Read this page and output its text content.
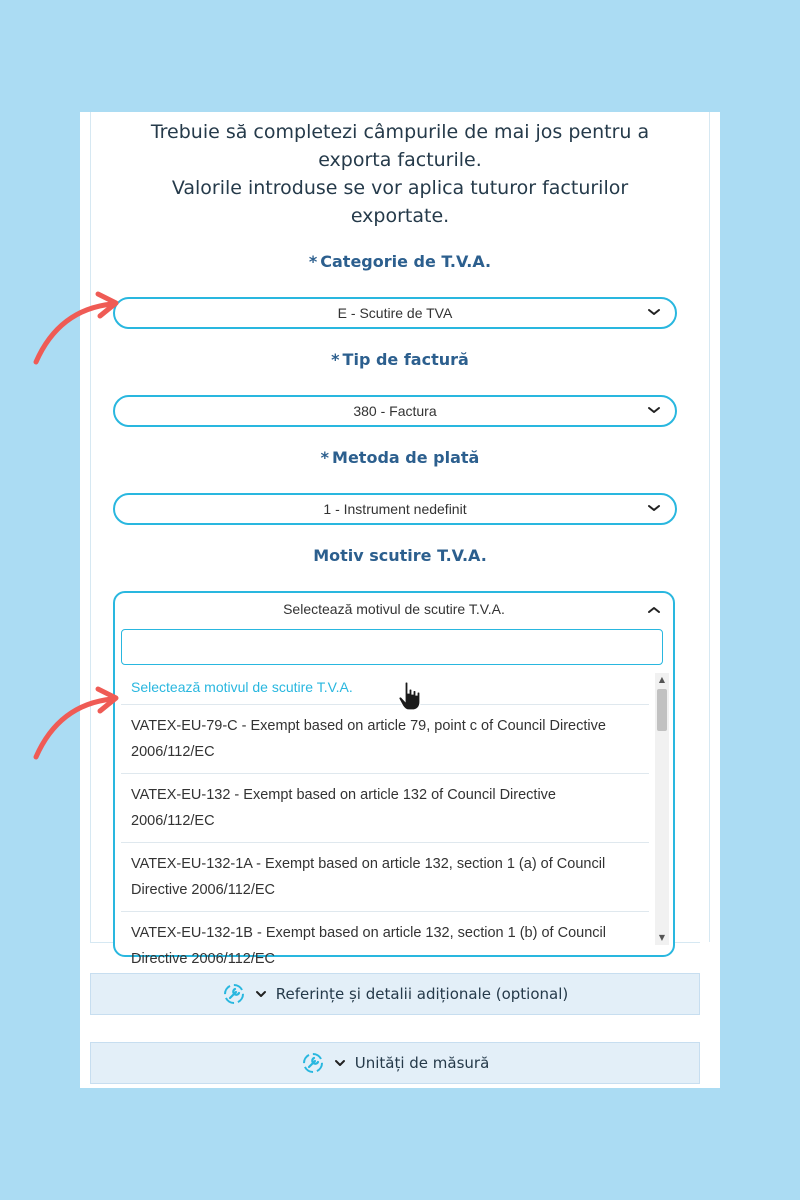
Trebuie să completezi câmpurile de mai jos pentru a exporta facturile.
Valorile introduse se vor aplica tuturor facturilor exportate.
* Categorie de T.V.A.
E - Scutire de TVA
* Tip de factură
380 - Factura
* Metoda de plată
1 - Instrument nedefinit
Motiv scutire T.V.A.
Selectează motivul de scutire T.V.A.
Selectează motivul de scutire T.V.A.
VATEX-EU-79-C - Exempt based on article 79, point c of Council Directive 2006/112/EC
VATEX-EU-132 - Exempt based on article 132 of Council Directive 2006/112/EC
VATEX-EU-132-1A - Exempt based on article 132, section 1 (a) of Council Directive 2006/112/EC
VATEX-EU-132-1B - Exempt based on article 132, section 1 (b) of Council Directive 2006/112/EC
▲
▼
Referințe și detalii adiționale (optional)
Unități de măsură
